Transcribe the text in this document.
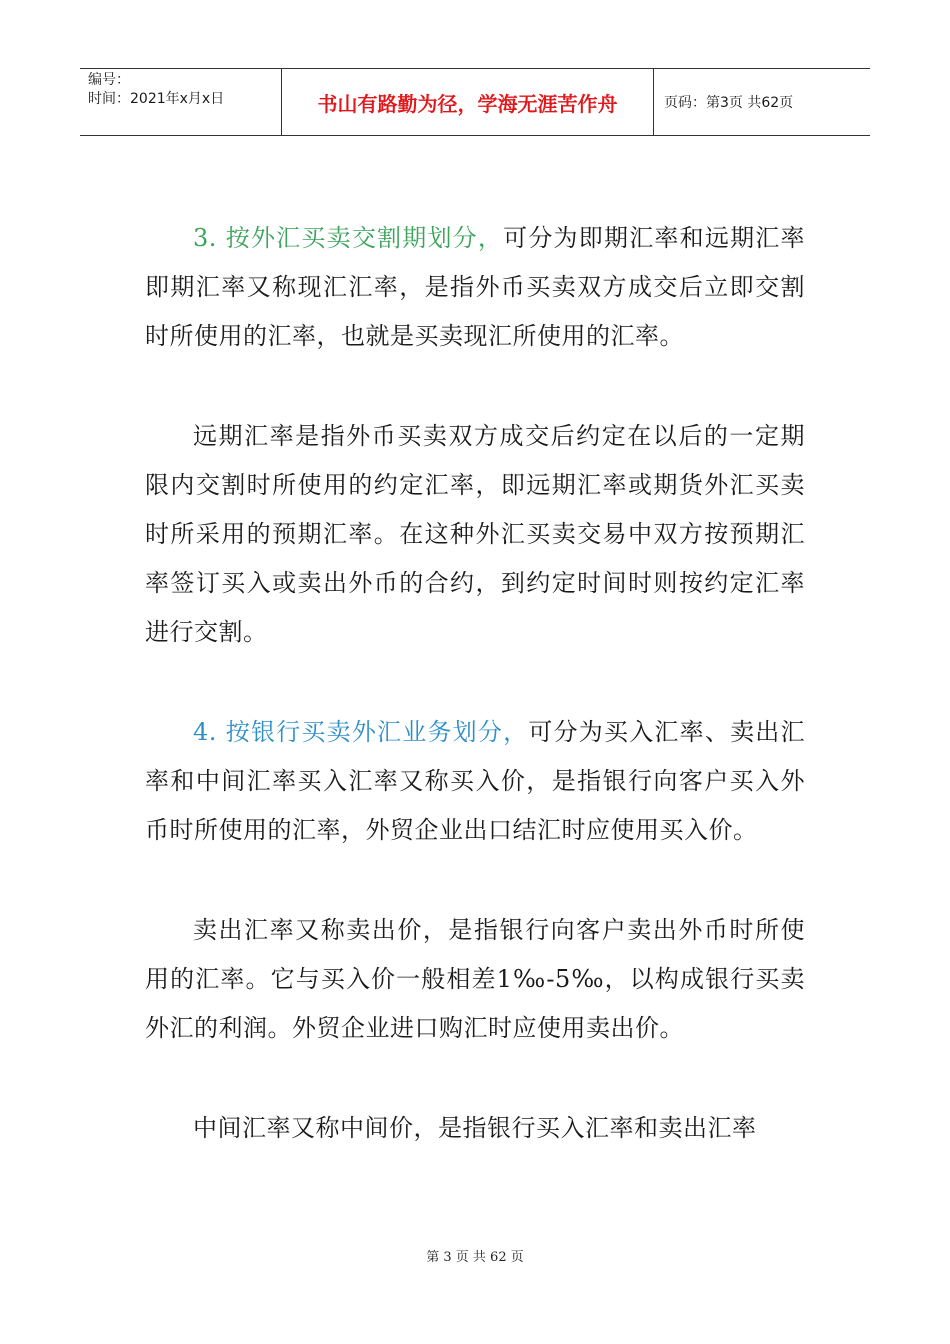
编号：
时间：2021年x月x日	书山有路勤为径，学海无涯苦作舟	页码：第3页 共62页

3. 按外汇买卖交割期划分，可分为即期汇率和远期汇率即期汇率又称现汇汇率，是指外币买卖双方成交后立即交割时所使用的汇率，也就是买卖现汇所使用的汇率。

远期汇率是指外币买卖双方成交后约定在以后的一定期限内交割时所使用的约定汇率，即远期汇率或期货外汇买卖时所采用的预期汇率。在这种外汇买卖交易中双方按预期汇率签订买入或卖出外币的合约，到约定时间时则按约定汇率进行交割。

4. 按银行买卖外汇业务划分，可分为买入汇率、卖出汇率和中间汇率买入汇率又称买入价，是指银行向客户买入外币时所使用的汇率，外贸企业出口结汇时应使用买入价。

卖出汇率又称卖出价，是指银行向客户卖出外币时所使用的汇率。它与买入价一般相差1‰-5‰，以构成银行买卖外汇的利润。外贸企业进口购汇时应使用卖出价。

中间汇率又称中间价，是指银行买入汇率和卖出汇率

第 3 页 共 62 页
